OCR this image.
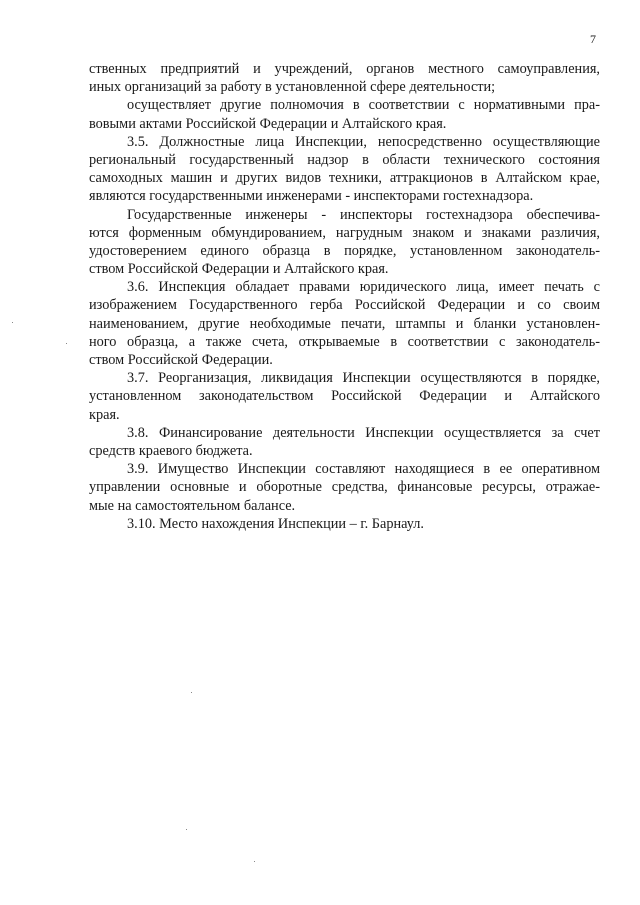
7
ственных предприятий и учреждений, органов местного самоуправления,
иных организаций за работу в установленной сфере деятельности;
осуществляет другие полномочия в соответствии с нормативными пра-
вовыми актами Российской Федерации и Алтайского края.
3.5. Должностные лица Инспекции, непосредственно осуществляющие
региональный государственный надзор в области технического состояния
самоходных машин и других видов техники, аттракционов в Алтайском крае,
являются государственными инженерами - инспекторами гостехнадзора.
Государственные инженеры - инспекторы гостехнадзора обеспечива-
ются форменным обмундированием, нагрудным знаком и знаками различия,
удостоверением единого образца в порядке, установленном законодатель-
ством Российской Федерации и Алтайского края.
3.6. Инспекция обладает правами юридического лица, имеет печать с
изображением Государственного герба Российской Федерации и со своим
наименованием, другие необходимые печати, штампы и бланки установлен-
ного образца, а также счета, открываемые в соответствии с законодатель-
ством Российской Федерации.
3.7. Реорганизация, ликвидация Инспекции осуществляются в порядке,
установленном законодательством Российской Федерации и Алтайского
края.
3.8. Финансирование деятельности Инспекции осуществляется за счет
средств краевого бюджета.
3.9. Имущество Инспекции составляют находящиеся в ее оперативном
управлении основные и оборотные средства, финансовые ресурсы, отражае-
мые на самостоятельном балансе.
3.10. Место нахождения Инспекции – г. Барнаул.
